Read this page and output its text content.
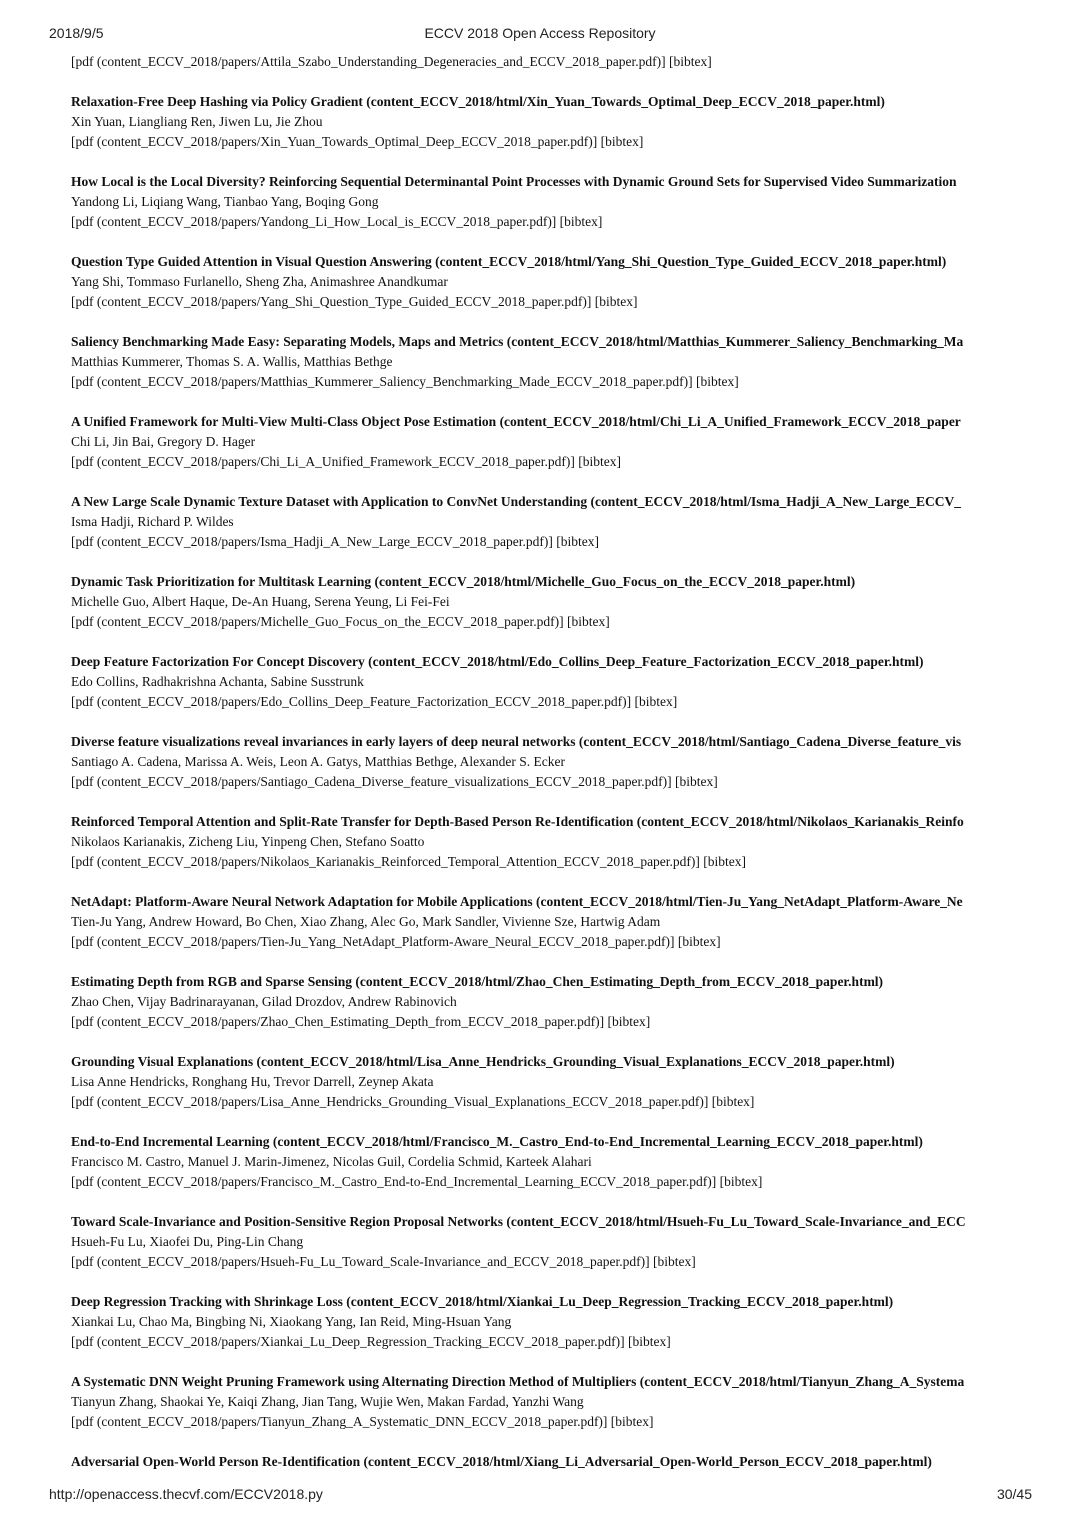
2018/9/5	ECCV 2018 Open Access Repository
[pdf (content_ECCV_2018/papers/Attila_Szabo_Understanding_Degeneracies_and_ECCV_2018_paper.pdf)] [bibtex]
Relaxation-Free Deep Hashing via Policy Gradient (content_ECCV_2018/html/Xin_Yuan_Towards_Optimal_Deep_ECCV_2018_paper.html)
Xin Yuan, Liangliang Ren, Jiwen Lu, Jie Zhou
[pdf (content_ECCV_2018/papers/Xin_Yuan_Towards_Optimal_Deep_ECCV_2018_paper.pdf)] [bibtex]
How Local is the Local Diversity? Reinforcing Sequential Determinantal Point Processes with Dynamic Ground Sets for Supervised Video Summarization
Yandong Li, Liqiang Wang, Tianbao Yang, Boqing Gong
[pdf (content_ECCV_2018/papers/Yandong_Li_How_Local_is_ECCV_2018_paper.pdf)] [bibtex]
Question Type Guided Attention in Visual Question Answering (content_ECCV_2018/html/Yang_Shi_Question_Type_Guided_ECCV_2018_paper.html)
Yang Shi, Tommaso Furlanello, Sheng Zha, Animashree Anandkumar
[pdf (content_ECCV_2018/papers/Yang_Shi_Question_Type_Guided_ECCV_2018_paper.pdf)] [bibtex]
Saliency Benchmarking Made Easy: Separating Models, Maps and Metrics (content_ECCV_2018/html/Matthias_Kummerer_Saliency_Benchmarking_Ma
Matthias Kummerer, Thomas S. A. Wallis, Matthias Bethge
[pdf (content_ECCV_2018/papers/Matthias_Kummerer_Saliency_Benchmarking_Made_ECCV_2018_paper.pdf)] [bibtex]
A Unified Framework for Multi-View Multi-Class Object Pose Estimation (content_ECCV_2018/html/Chi_Li_A_Unified_Framework_ECCV_2018_paper
Chi Li, Jin Bai, Gregory D. Hager
[pdf (content_ECCV_2018/papers/Chi_Li_A_Unified_Framework_ECCV_2018_paper.pdf)] [bibtex]
A New Large Scale Dynamic Texture Dataset with Application to ConvNet Understanding (content_ECCV_2018/html/Isma_Hadji_A_New_Large_ECCV_
Isma Hadji, Richard P. Wildes
[pdf (content_ECCV_2018/papers/Isma_Hadji_A_New_Large_ECCV_2018_paper.pdf)] [bibtex]
Dynamic Task Prioritization for Multitask Learning (content_ECCV_2018/html/Michelle_Guo_Focus_on_the_ECCV_2018_paper.html)
Michelle Guo, Albert Haque, De-An Huang, Serena Yeung, Li Fei-Fei
[pdf (content_ECCV_2018/papers/Michelle_Guo_Focus_on_the_ECCV_2018_paper.pdf)] [bibtex]
Deep Feature Factorization For Concept Discovery (content_ECCV_2018/html/Edo_Collins_Deep_Feature_Factorization_ECCV_2018_paper.html)
Edo Collins, Radhakrishna Achanta, Sabine Susstrunk
[pdf (content_ECCV_2018/papers/Edo_Collins_Deep_Feature_Factorization_ECCV_2018_paper.pdf)] [bibtex]
Diverse feature visualizations reveal invariances in early layers of deep neural networks (content_ECCV_2018/html/Santiago_Cadena_Diverse_feature_vis
Santiago A. Cadena, Marissa A. Weis, Leon A. Gatys, Matthias Bethge, Alexander S. Ecker
[pdf (content_ECCV_2018/papers/Santiago_Cadena_Diverse_feature_visualizations_ECCV_2018_paper.pdf)] [bibtex]
Reinforced Temporal Attention and Split-Rate Transfer for Depth-Based Person Re-Identification (content_ECCV_2018/html/Nikolaos_Karianakis_Reinfo
Nikolaos Karianakis, Zicheng Liu, Yinpeng Chen, Stefano Soatto
[pdf (content_ECCV_2018/papers/Nikolaos_Karianakis_Reinforced_Temporal_Attention_ECCV_2018_paper.pdf)] [bibtex]
NetAdapt: Platform-Aware Neural Network Adaptation for Mobile Applications (content_ECCV_2018/html/Tien-Ju_Yang_NetAdapt_Platform-Aware_Ne
Tien-Ju Yang, Andrew Howard, Bo Chen, Xiao Zhang, Alec Go, Mark Sandler, Vivienne Sze, Hartwig Adam
[pdf (content_ECCV_2018/papers/Tien-Ju_Yang_NetAdapt_Platform-Aware_Neural_ECCV_2018_paper.pdf)] [bibtex]
Estimating Depth from RGB and Sparse Sensing (content_ECCV_2018/html/Zhao_Chen_Estimating_Depth_from_ECCV_2018_paper.html)
Zhao Chen, Vijay Badrinarayanan, Gilad Drozdov, Andrew Rabinovich
[pdf (content_ECCV_2018/papers/Zhao_Chen_Estimating_Depth_from_ECCV_2018_paper.pdf)] [bibtex]
Grounding Visual Explanations (content_ECCV_2018/html/Lisa_Anne_Hendricks_Grounding_Visual_Explanations_ECCV_2018_paper.html)
Lisa Anne Hendricks, Ronghang Hu, Trevor Darrell, Zeynep Akata
[pdf (content_ECCV_2018/papers/Lisa_Anne_Hendricks_Grounding_Visual_Explanations_ECCV_2018_paper.pdf)] [bibtex]
End-to-End Incremental Learning (content_ECCV_2018/html/Francisco_M._Castro_End-to-End_Incremental_Learning_ECCV_2018_paper.html)
Francisco M. Castro, Manuel J. Marin-Jimenez, Nicolas Guil, Cordelia Schmid, Karteek Alahari
[pdf (content_ECCV_2018/papers/Francisco_M._Castro_End-to-End_Incremental_Learning_ECCV_2018_paper.pdf)] [bibtex]
Toward Scale-Invariance and Position-Sensitive Region Proposal Networks (content_ECCV_2018/html/Hsueh-Fu_Lu_Toward_Scale-Invariance_and_ECC
Hsueh-Fu Lu, Xiaofei Du, Ping-Lin Chang
[pdf (content_ECCV_2018/papers/Hsueh-Fu_Lu_Toward_Scale-Invariance_and_ECCV_2018_paper.pdf)] [bibtex]
Deep Regression Tracking with Shrinkage Loss (content_ECCV_2018/html/Xiankai_Lu_Deep_Regression_Tracking_ECCV_2018_paper.html)
Xiankai Lu, Chao Ma, Bingbing Ni, Xiaokang Yang, Ian Reid, Ming-Hsuan Yang
[pdf (content_ECCV_2018/papers/Xiankai_Lu_Deep_Regression_Tracking_ECCV_2018_paper.pdf)] [bibtex]
A Systematic DNN Weight Pruning Framework using Alternating Direction Method of Multipliers (content_ECCV_2018/html/Tianyun_Zhang_A_Systema
Tianyun Zhang, Shaokai Ye, Kaiqi Zhang, Jian Tang, Wujie Wen, Makan Fardad, Yanzhi Wang
[pdf (content_ECCV_2018/papers/Tianyun_Zhang_A_Systematic_DNN_ECCV_2018_paper.pdf)] [bibtex]
Adversarial Open-World Person Re-Identification (content_ECCV_2018/html/Xiang_Li_Adversarial_Open-World_Person_ECCV_2018_paper.html)
http://openaccess.thecvf.com/ECCV2018.py	30/45
